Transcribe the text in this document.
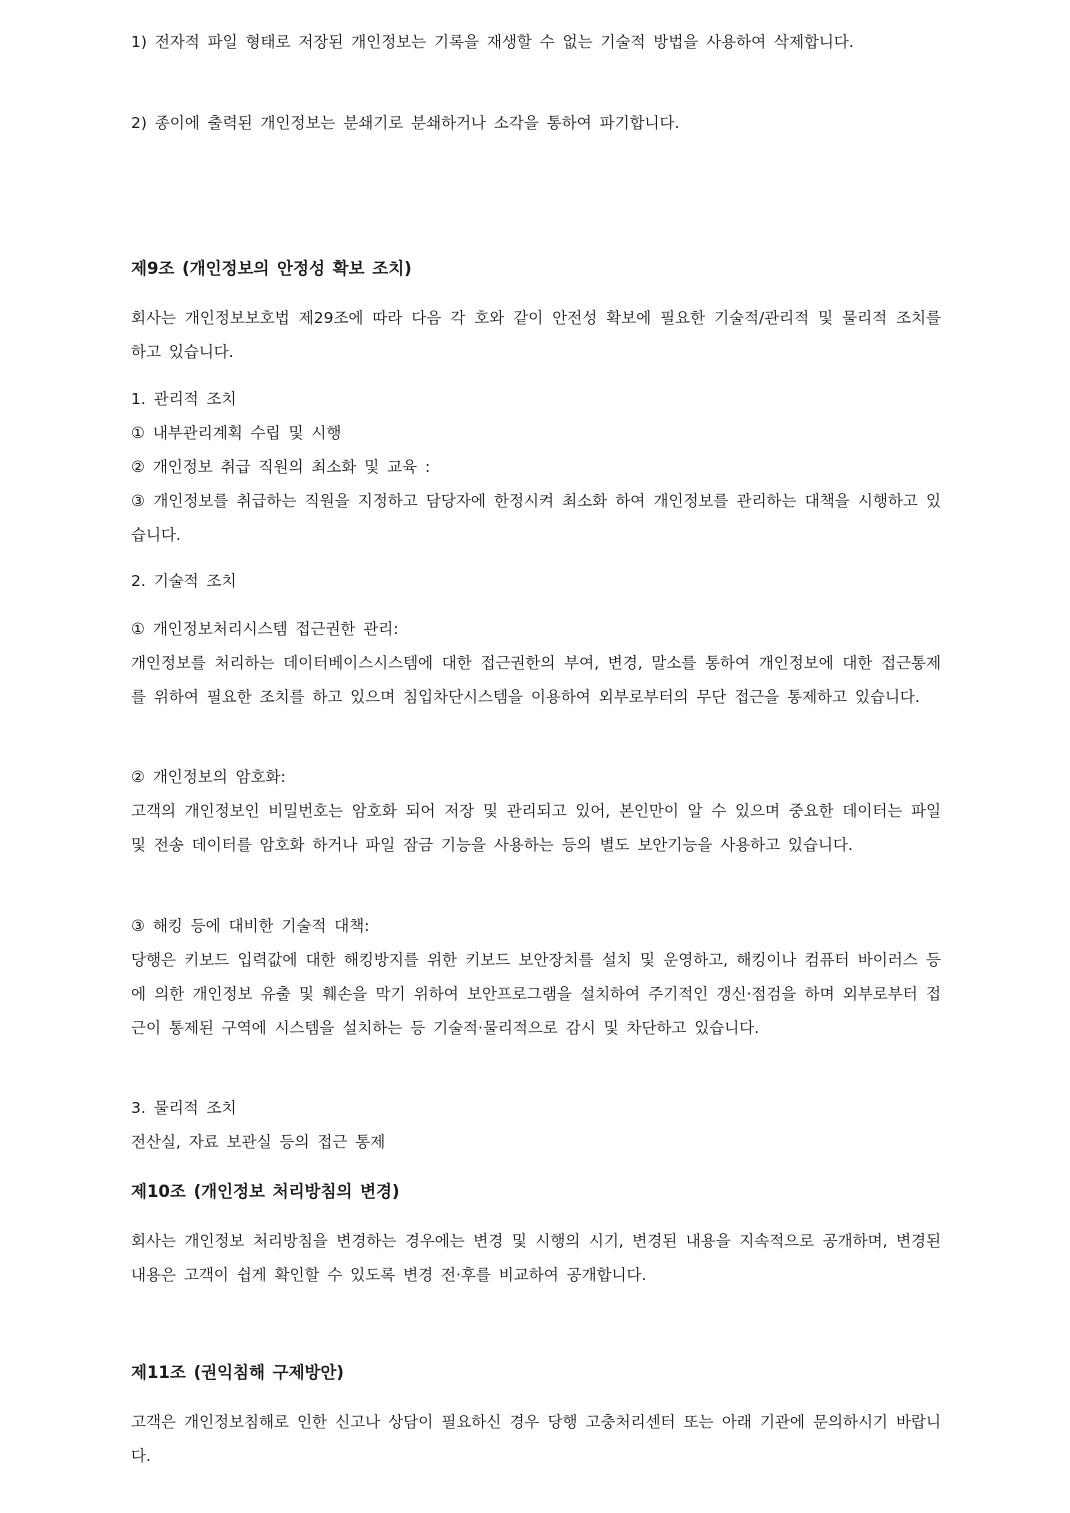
1) 전자적 파일 형태로 저장된 개인정보는 기록을 재생할 수 없는 기술적 방법을 사용하여 삭제합니다.
2) 종이에 출력된 개인정보는 분쇄기로 분쇄하거나 소각을 통하여 파기합니다.
제9조 (개인정보의 안정성 확보 조치)
회사는 개인정보보호법 제29조에 따라 다음 각 호와 같이 안전성 확보에 필요한 기술적/관리적 및 물리적 조치를 하고 있습니다.
1. 관리적 조치
① 내부관리계획 수립 및 시행
② 개인정보 취급 직원의 최소화 및 교육 :
③ 개인정보를 취급하는 직원을 지정하고 담당자에 한정시켜 최소화 하여 개인정보를 관리하는 대책을 시행하고 있습니다.
2. 기술적 조치
① 개인정보처리시스템 접근권한 관리:
개인정보를 처리하는 데이터베이스시스템에 대한 접근권한의 부여, 변경, 말소를 통하여 개인정보에 대한 접근통제를 위하여 필요한 조치를 하고 있으며 침입차단시스템을 이용하여 외부로부터의 무단 접근을 통제하고 있습니다.
② 개인정보의 암호화:
고객의 개인정보인 비밀번호는 암호화 되어 저장 및 관리되고 있어, 본인만이 알 수 있으며 중요한 데이터는 파일 및 전송 데이터를 암호화 하거나 파일 잠금 기능을 사용하는 등의 별도 보안기능을 사용하고 있습니다.
③ 해킹 등에 대비한 기술적 대책:
당행은 키보드 입력값에 대한 해킹방지를 위한 키보드 보안장치를 설치 및 운영하고, 해킹이나 컴퓨터 바이러스 등에 의한 개인정보 유출 및 훼손을 막기 위하여 보안프로그램을 설치하여 주기적인 갱신·점검을 하며 외부로부터 접근이 통제된 구역에 시스템을 설치하는 등 기술적·물리적으로 감시 및 차단하고 있습니다.
3. 물리적 조치
전산실, 자료 보관실 등의 접근 통제
제10조 (개인정보 처리방침의 변경)
회사는 개인정보 처리방침을 변경하는 경우에는 변경 및 시행의 시기, 변경된 내용을 지속적으로 공개하며, 변경된 내용은 고객이 쉽게 확인할 수 있도록 변경 전·후를 비교하여 공개합니다.
제11조 (권익침해 구제방안)
고객은 개인정보침해로 인한 신고나 상담이 필요하신 경우 당행 고충처리센터 또는 아래 기관에 문의하시기 바랍니다.
